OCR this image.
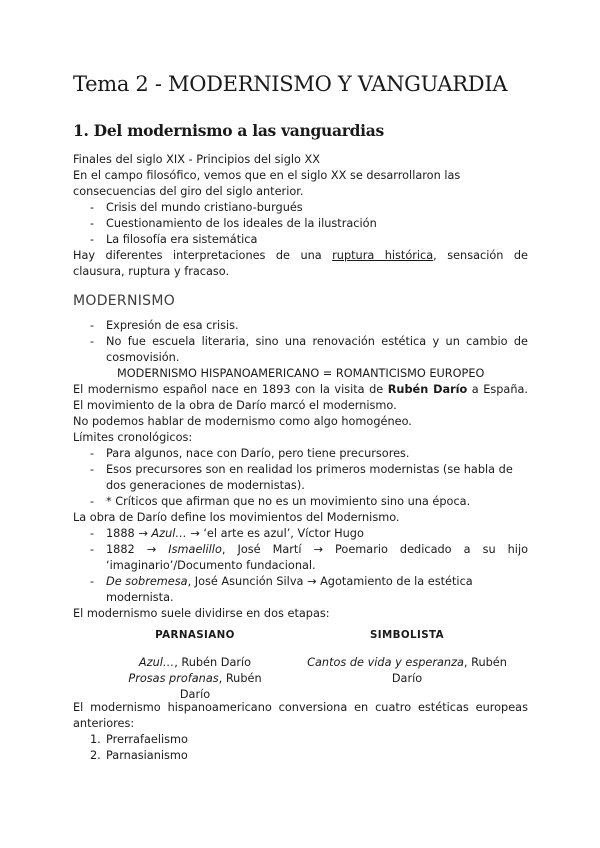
Tema 2 - MODERNISMO Y VANGUARDIA
1. Del modernismo a las vanguardias
Finales del siglo XIX - Principios del siglo XX
En el campo filosófico, vemos que en el siglo XX se desarrollaron las consecuencias del giro del siglo anterior.
- Crisis del mundo cristiano-burgués
- Cuestionamiento de los ideales de la ilustración
- La filosofía era sistemática
Hay diferentes interpretaciones de una ruptura histórica, sensación de clausura, ruptura y fracaso.
MODERNISMO
- Expresión de esa crisis.
- No fue escuela literaria, sino una renovación estética y un cambio de cosmovisión.
MODERNISMO HISPANOAMERICANO = ROMANTICISMO EUROPEO
El modernismo español nace en 1893 con la visita de Rubén Darío a España. El movimiento de la obra de Darío marcó el modernismo.
No podemos hablar de modernismo como algo homogéneo.
Límites cronológicos:
- Para algunos, nace con Darío, pero tiene precursores.
- Esos precursores son en realidad los primeros modernistas (se habla de dos generaciones de modernistas).
- * Críticos que afirman que no es un movimiento sino una época.
La obra de Darío define los movimientos del Modernismo.
- 1888 → Azul… → ‘el arte es azul’, Víctor Hugo
- 1882 → Ismaelillo, José Martí → Poemario dedicado a su hijo ‘imaginario’/Documento fundacional.
- De sobremesa, José Asunción Silva → Agotamiento de la estética modernista.
El modernismo suele dividirse en dos etapas:
PARNASIANO
Azul…, Rubén Darío
Prosas profanas, Rubén Darío
SIMBOLISTA
Cantos de vida y esperanza, Rubén Darío
El modernismo hispanoamericano conversiona en cuatro estéticas europeas anteriores:
1. Prerrafaelismo
2. Parnasianismo
